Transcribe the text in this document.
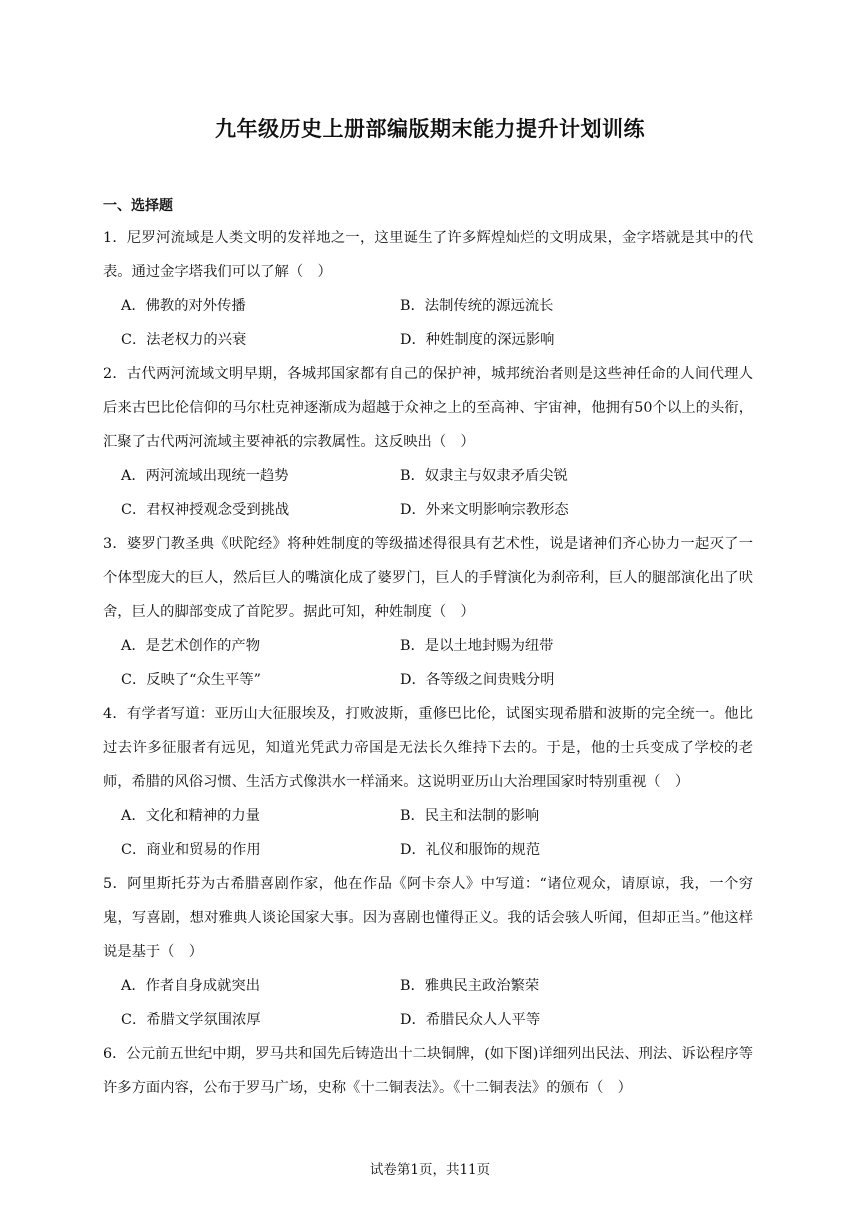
九年级历史上册部编版期末能力提升计划训练
一、选择题

1．尼罗河流域是人类文明的发祥地之一，这里诞生了许多辉煌灿烂的文明成果，金字塔就是其中的代表。通过金字塔我们可以了解（　）

A．佛教的对外传播	B．法制传统的源远流长
C．法老权力的兴衰	D．种姓制度的深远影响

2．古代两河流域文明早期，各城邦国家都有自己的保护神，城邦统治者则是这些神任命的人间代理人后来古巴比伦信仰的马尔杜克神逐渐成为超越于众神之上的至高神、宇宙神，他拥有50个以上的头衔，汇聚了古代两河流域主要神祇的宗教属性。这反映出（　）

A．两河流域出现统一趋势	B．奴隶主与奴隶矛盾尖锐
C．君权神授观念受到挑战	D．外来文明影响宗教形态

3．婆罗门教圣典《吠陀经》将种姓制度的等级描述得很具有艺术性，说是诸神们齐心协力一起灭了一个体型庞大的巨人，然后巨人的嘴演化成了婆罗门，巨人的手臂演化为刹帝利，巨人的腿部演化出了吠舍，巨人的脚部变成了首陀罗。据此可知，种姓制度（　）

A．是艺术创作的产物	B．是以土地封赐为纽带
C．反映了“众生平等”	D．各等级之间贵贱分明

4．有学者写道：亚历山大征服埃及，打败波斯，重修巴比伦，试图实现希腊和波斯的完全统一。他比过去许多征服者有远见，知道光凭武力帝国是无法长久维持下去的。于是，他的士兵变成了学校的老师，希腊的风俗习惯、生活方式像洪水一样涌来。这说明亚历山大治理国家时特别重视（　）

A．文化和精神的力量	B．民主和法制的影响
C．商业和贸易的作用	D．礼仪和服饰的规范

5．阿里斯托芬为古希腊喜剧作家，他在作品《阿卡奈人》中写道：“诸位观众，请原谅，我，一个穷鬼，写喜剧，想对雅典人谈论国家大事。因为喜剧也懂得正义。我的话会骇人听闻，但却正当。”他这样说是基于（　）

A．作者自身成就突出	B．雅典民主政治繁荣
C．希腊文学氛围浓厚	D．希腊民众人人平等

6．公元前五世纪中期，罗马共和国先后铸造出十二块铜牌，(如下图)详细列出民法、刑法、诉讼程序等许多方面内容，公布于罗马广场，史称《十二铜表法》。《十二铜表法》的颁布（　）

试卷第1页，共11页
